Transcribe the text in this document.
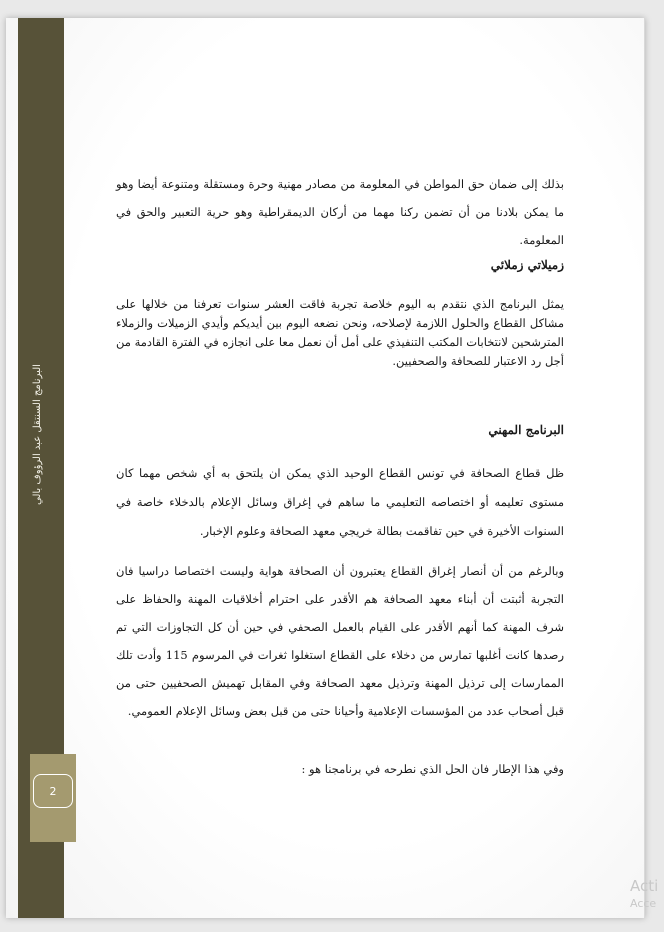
البرنامج السنتقل عبد الرؤوف بالي
2

بذلك إلى ضمان حق المواطن في المعلومة من مصادر مهنية وحرة ومستقلة ومتنوعة أيضا وهو ما يمكن بلادنا من أن تضمن ركنا مهما من أركان الديمقراطية وهو حرية التعبير والحق في المعلومة.

زميلاتي زملائي

يمثل البرنامج الذي نتقدم به اليوم خلاصة تجربة فاقت العشر سنوات تعرفنا من خلالها على مشاكل القطاع والحلول اللازمة لإصلاحه، ونحن نضعه اليوم بين أيديكم وأيدي الزميلات والزملاء المترشحين لانتخابات المكتب التنفيذي على أمل أن نعمل معا على انجازه في الفترة القادمة من أجل رد الاعتبار للصحافة والصحفيين.

البرنامج المهني

ظل قطاع الصحافة في تونس القطاع الوحيد الذي يمكن ان يلتحق به أي شخص مهما كان مستوى تعليمه أو اختصاصه التعليمي ما ساهم في إغراق وسائل الإعلام بالدخلاء خاصة في السنوات الأخيرة في حين تفاقمت بطالة خريجي معهد الصحافة وعلوم الإخبار.

وبالرغم من أن أنصار إغراق القطاع يعتبرون أن الصحافة هواية وليست اختصاصا دراسيا فان التجربة أثبتت أن أبناء معهد الصحافة هم الأقدر على احترام أخلاقيات المهنة والحفاظ على شرف المهنة كما أنهم الأقدر على القيام بالعمل الصحفي في حين أن كل التجاوزات التي تم رصدها كانت أغلبها تمارس من دخلاء على القطاع استغلوا ثغرات في المرسوم 115 وأدت تلك الممارسات إلى ترذيل المهنة وترذيل معهد الصحافة وفي المقابل تهميش الصحفيين حتى من قبل أصحاب عدد من المؤسسات الإعلامية وأحيانا حتى من قبل بعض وسائل الإعلام العمومي.

وفي هذا الإطار فان الحل الذي نطرحه في برنامجنا هو :

Acti
Acce
